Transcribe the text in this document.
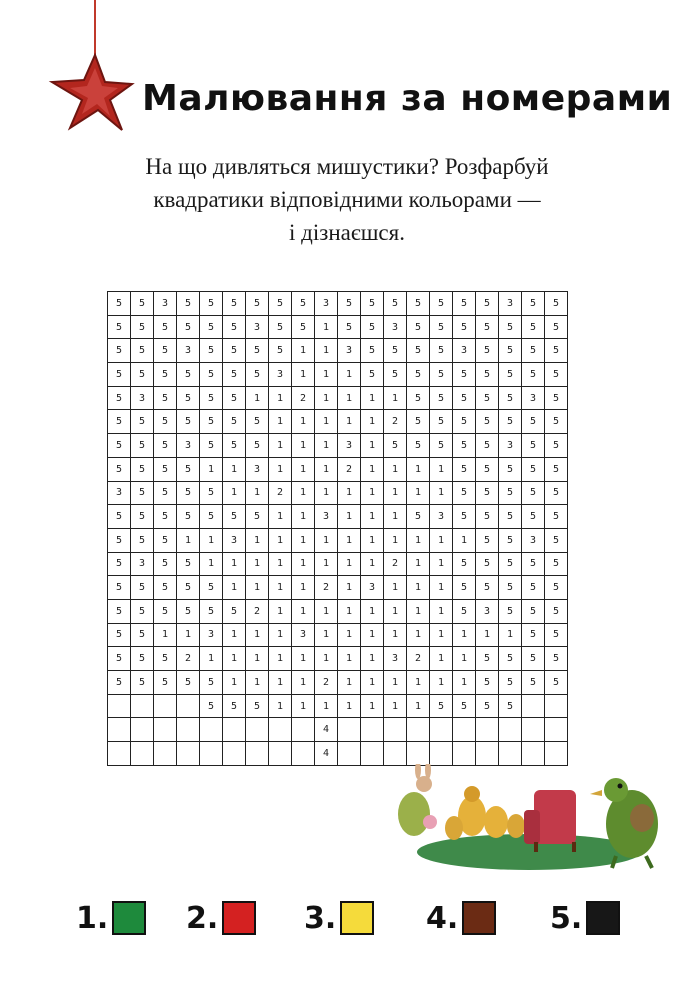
Малювання за номерами
На що дивляться мишустики? Розфарбуй
квадратики відповідними кольорами —
і дізнаєшся.
5	5	3	5	5	5	5	5	5	3	5	5	5	5	5	5	5	3	5	5
5	5	5	5	5	5	3	5	5	1	5	5	3	5	5	5	5	5	5	5
5	5	5	3	5	5	5	5	1	1	3	5	5	5	5	3	5	5	5	5
5	5	5	5	5	5	5	3	1	1	1	5	5	5	5	5	5	5	5	5
5	3	5	5	5	5	1	1	2	1	1	1	1	5	5	5	5	5	3	5
5	5	5	5	5	5	5	1	1	1	1	1	2	5	5	5	5	5	5	5
5	5	5	3	5	5	5	1	1	1	3	1	5	5	5	5	5	3	5	5
5	5	5	5	1	1	3	1	1	1	2	1	1	1	1	5	5	5	5	5
3	5	5	5	5	1	1	2	1	1	1	1	1	1	1	5	5	5	5	5
5	5	5	5	5	5	5	1	1	3	1	1	1	5	3	5	5	5	5	5
5	5	5	1	1	3	1	1	1	1	1	1	1	1	1	1	5	5	3	5
5	3	5	5	1	1	1	1	1	1	1	1	2	1	1	5	5	5	5	5
5	5	5	5	5	1	1	1	1	2	1	3	1	1	1	5	5	5	5	5
5	5	5	5	5	5	2	1	1	1	1	1	1	1	1	5	3	5	5	5
5	5	1	1	3	1	1	1	3	1	1	1	1	1	1	1	1	1	5	5
5	5	5	2	1	1	1	1	1	1	1	1	3	2	1	1	5	5	5	5
5	5	5	5	5	1	1	1	1	2	1	1	1	1	1	1	5	5	5	5
				5	5	5	1	1	1	1	1	1	1	5	5	5	5		
									4										
									4										
1.	2.	3.	4.	5.
